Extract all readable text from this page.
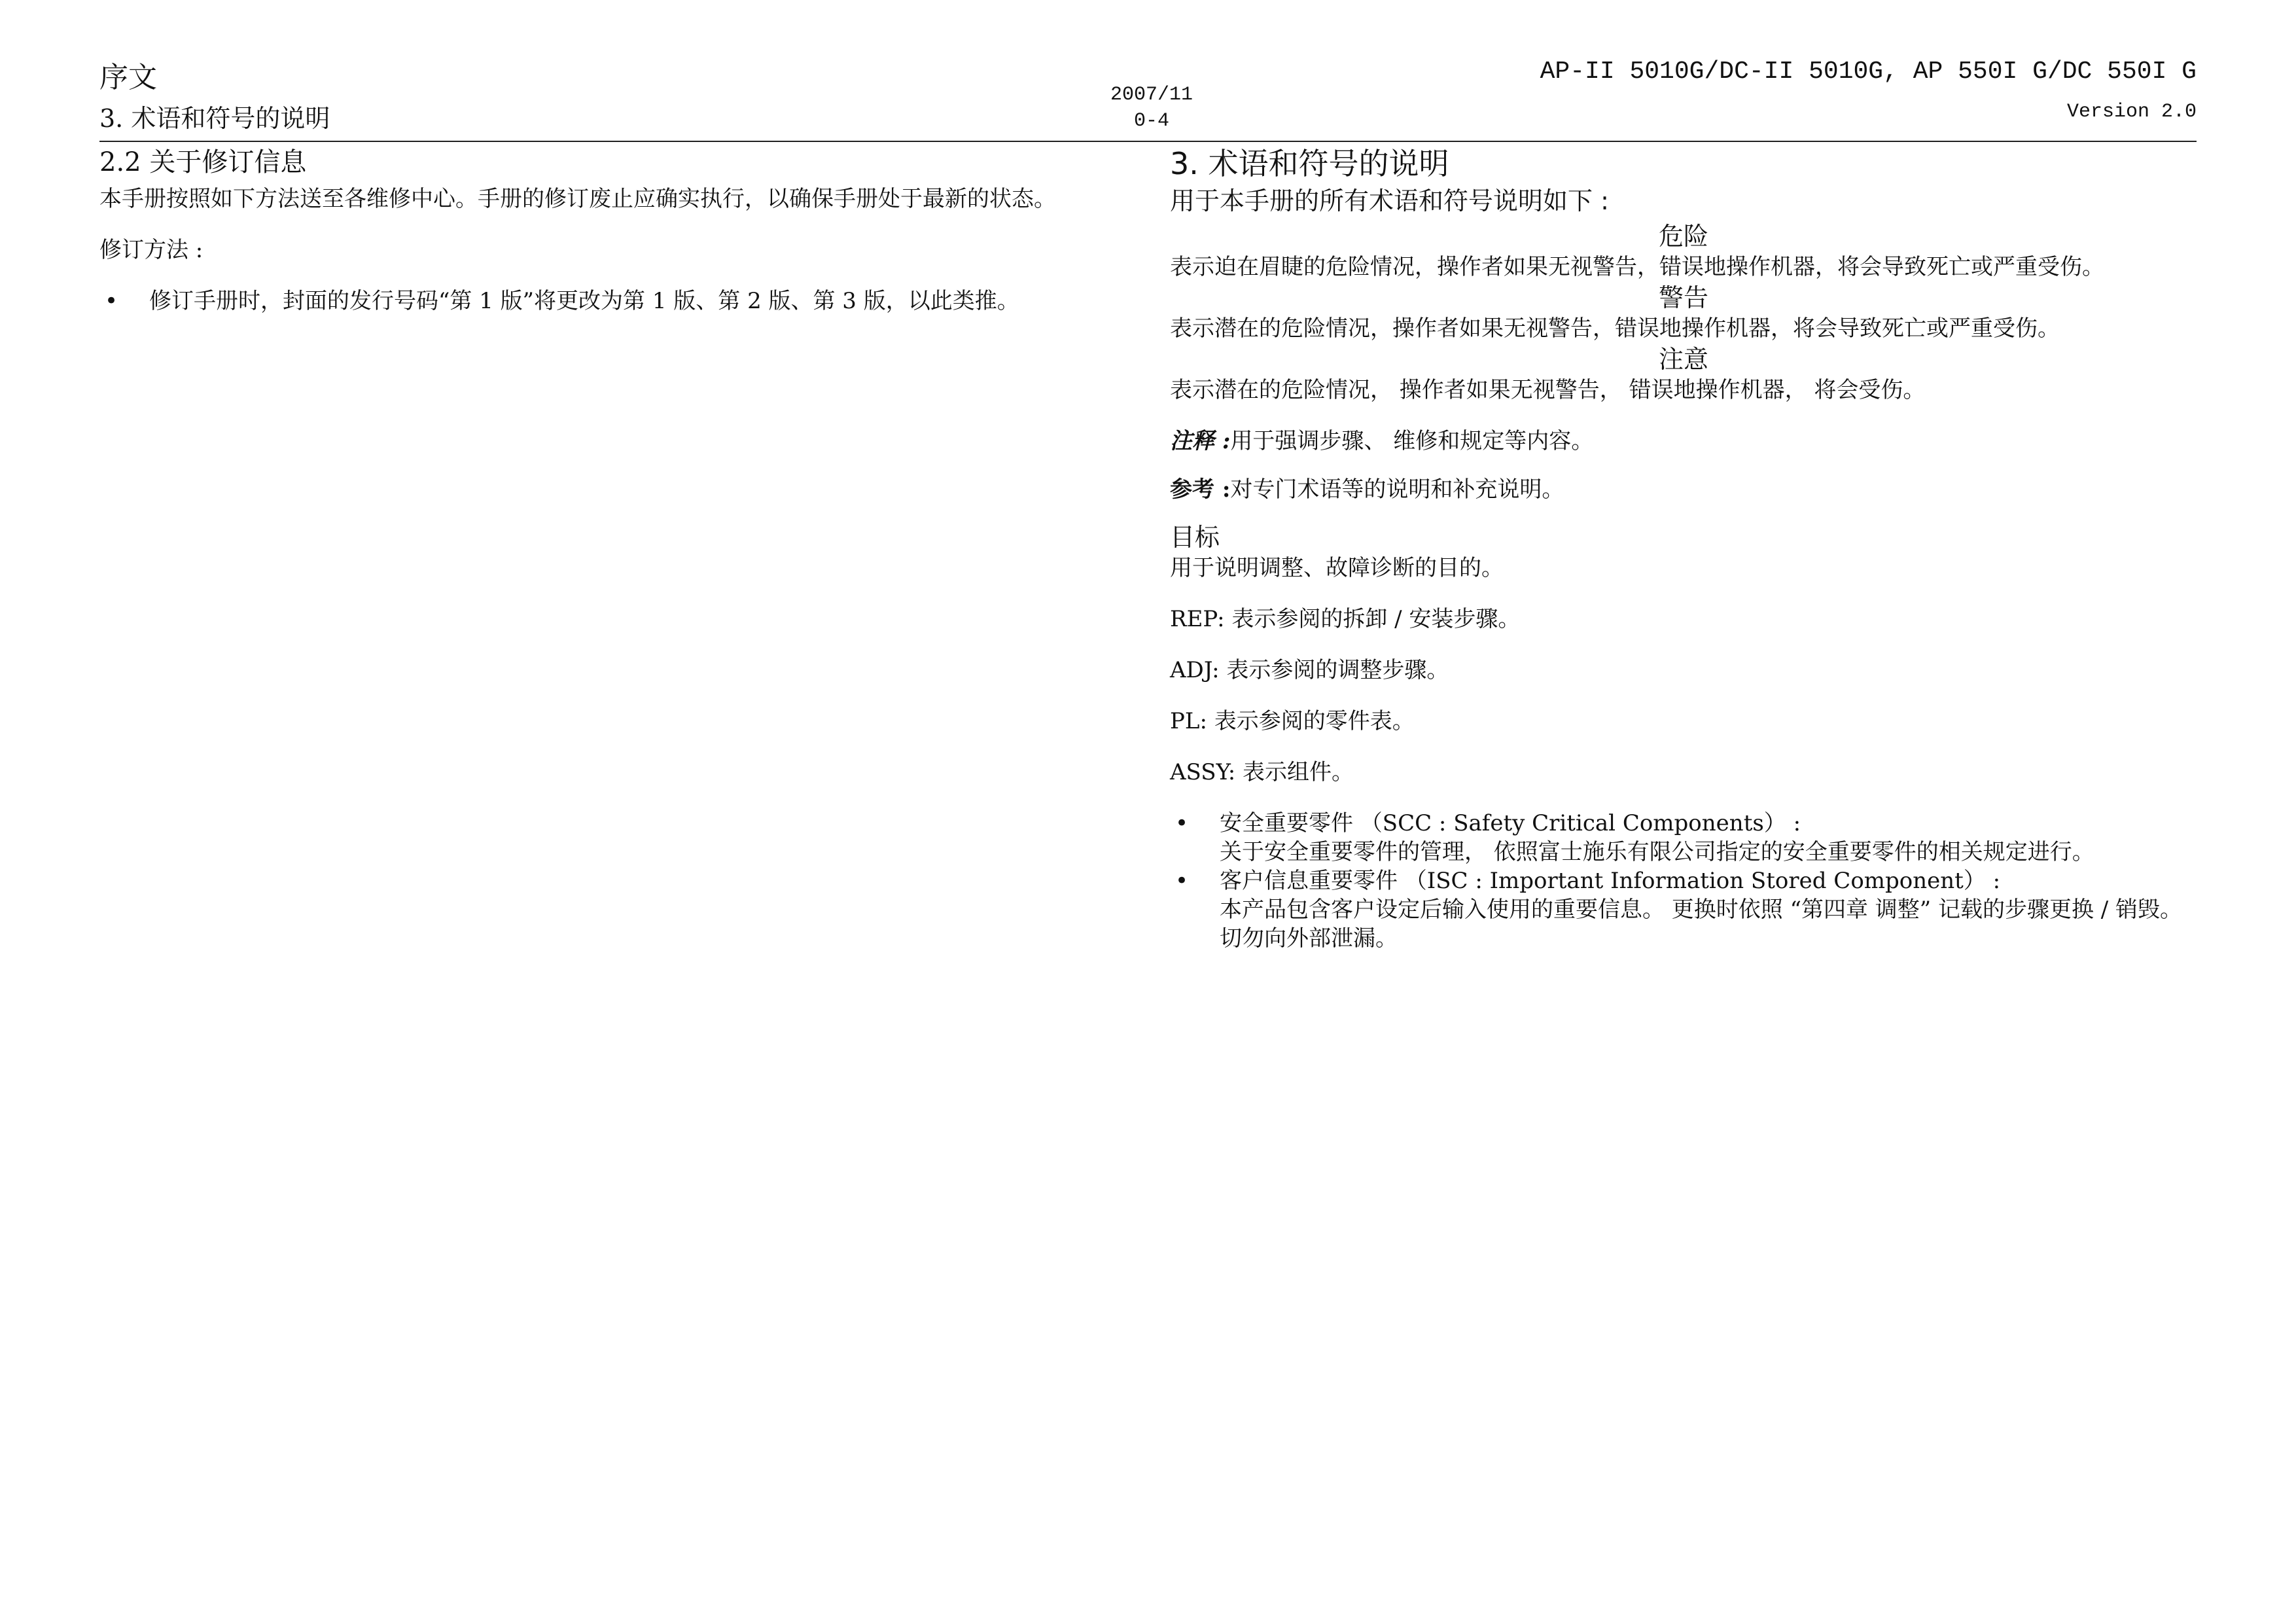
序文
3. 术语和符号的说明
2007/11
0-4
AP-II 5010G/DC-II 5010G, AP 550I G/DC 550I G
Version 2.0

2.2 关于修订信息

本手册按照如下方法送至各维修中心。手册的修订废止应确实执行，以确保手册处于最新的状态。

修订方法 :

• 修订手册时，封面的发行号码“第 1 版”将更改为第 1 版、第 2 版、第 3 版，以此类推。

3. 术语和符号的说明

用于本手册的所有术语和符号说明如下 :

危险

表示迫在眉睫的危险情况，操作者如果无视警告，错误地操作机器，将会导致死亡或严重受伤。

警告

表示潜在的危险情况，操作者如果无视警告，错误地操作机器，将会导致死亡或严重受伤。

注意

表示潜在的危险情况， 操作者如果无视警告， 错误地操作机器， 将会受伤。

注释 :用于强调步骤、 维修和规定等内容。

参考 :对专门术语等的说明和补充说明。

目标

用于说明调整、故障诊断的目的。

REP: 表示参阅的拆卸 / 安装步骤。

ADJ: 表示参阅的调整步骤。

PL: 表示参阅的零件表。

ASSY: 表示组件。

• 安全重要零件 （SCC : Safety Critical Components） :
关于安全重要零件的管理， 依照富士施乐有限公司指定的安全重要零件的相关规定进行。
• 客户信息重要零件 （ISC : Important Information Stored Component） :
本产品包含客户设定后输入使用的重要信息。 更换时依照 “第四章 调整” 记载的步骤更换 / 销毁。 切勿向外部泄漏。
